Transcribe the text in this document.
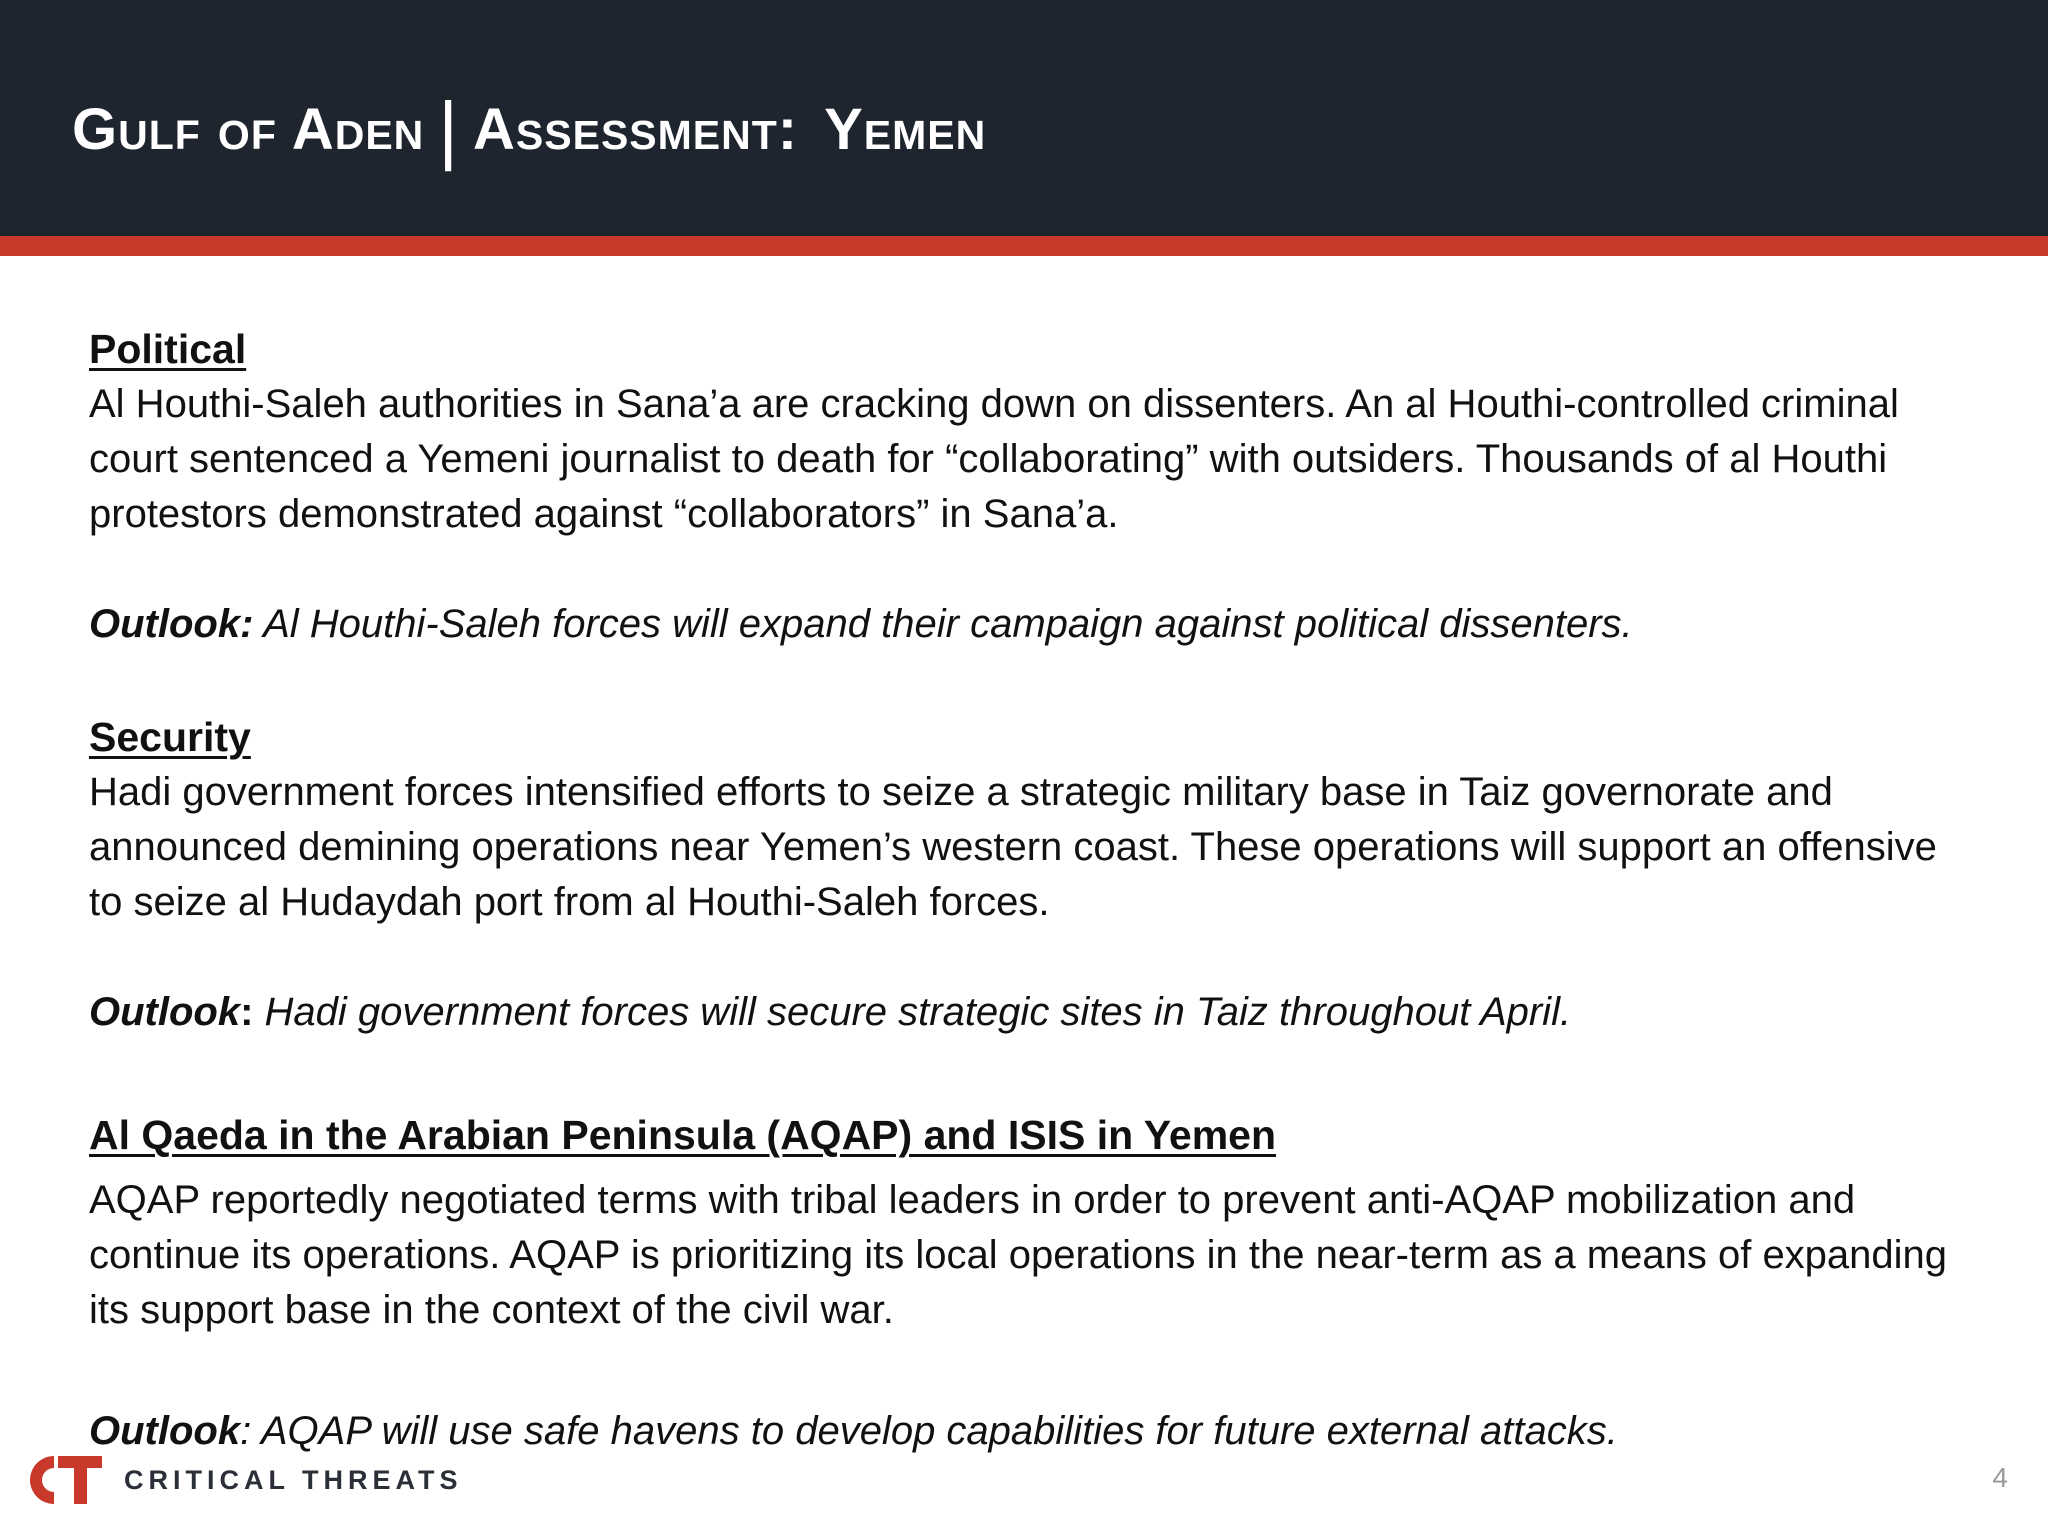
Gulf of Aden | Assessment: Yemen

Political

Al Houthi-Saleh authorities in Sana’a are cracking down on dissenters. An al Houthi-controlled criminal court sentenced a Yemeni journalist to death for “collaborating” with outsiders. Thousands of al Houthi protestors demonstrated against “collaborators” in Sana’a.

Outlook: Al Houthi-Saleh forces will expand their campaign against political dissenters.

Security

Hadi government forces intensified efforts to seize a strategic military base in Taiz governorate and announced demining operations near Yemen’s western coast. These operations will support an offensive to seize al Hudaydah port from al Houthi-Saleh forces.

Outlook: Hadi government forces will secure strategic sites in Taiz throughout April.

Al Qaeda in the Arabian Peninsula (AQAP) and ISIS in Yemen

AQAP reportedly negotiated terms with tribal leaders in order to prevent anti-AQAP mobilization and continue its operations. AQAP is prioritizing its local operations in the near-term as a means of expanding its support base in the context of the civil war.

Outlook: AQAP will use safe havens to develop capabilities for future external attacks.

CRITICAL THREATS	4
